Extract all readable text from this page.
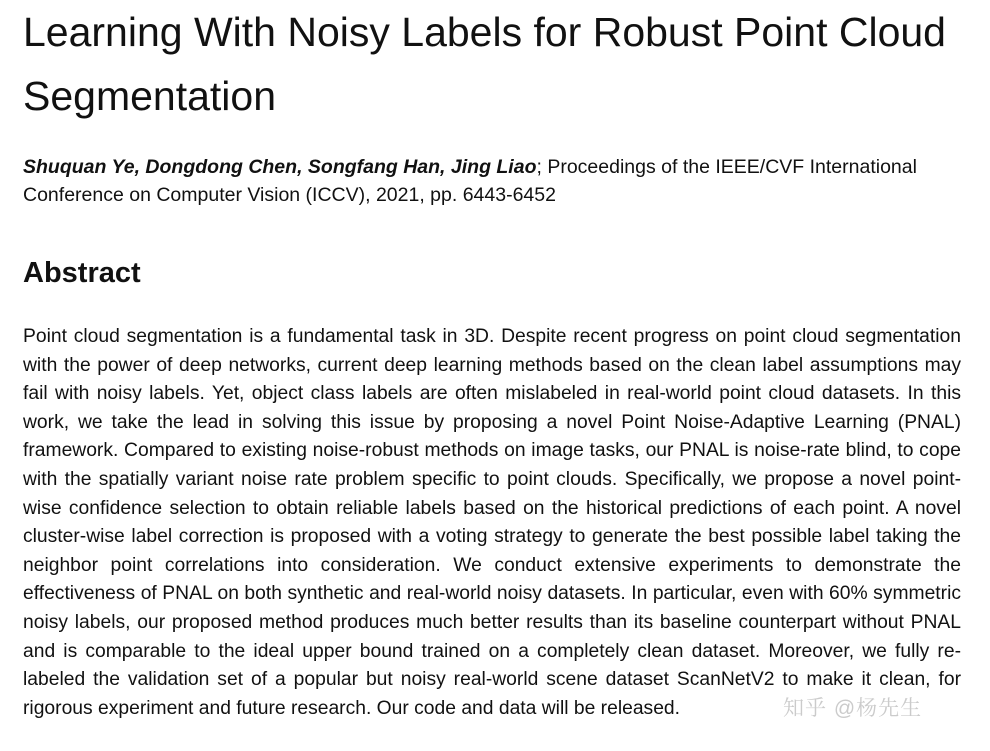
Learning With Noisy Labels for Robust Point Cloud Segmentation

Shuquan Ye, Dongdong Chen, Songfang Han, Jing Liao; Proceedings of the IEEE/CVF International Conference on Computer Vision (ICCV), 2021, pp. 6443-6452

Abstract

Point cloud segmentation is a fundamental task in 3D. Despite recent progress on point cloud segmentation with the power of deep networks, current deep learning methods based on the clean label assumptions may fail with noisy labels. Yet, object class labels are often mislabeled in real-world point cloud datasets. In this work, we take the lead in solving this issue by proposing a novel Point Noise-Adaptive Learning (PNAL) framework. Compared to existing noise-robust methods on image tasks, our PNAL is noise-rate blind, to cope with the spatially variant noise rate problem specific to point clouds. Specifically, we propose a novel point-wise confidence selection to obtain reliable labels based on the historical predictions of each point. A novel cluster-wise label correction is proposed with a voting strategy to generate the best possible label taking the neighbor point correlations into consideration. We conduct extensive experiments to demonstrate the effectiveness of PNAL on both synthetic and real-world noisy datasets. In particular, even with 60% symmetric noisy labels, our proposed method produces much better results than its baseline counterpart without PNAL and is comparable to the ideal upper bound trained on a completely clean dataset. Moreover, we fully re-labeled the validation set of a popular but noisy real-world scene dataset ScanNetV2 to make it clean, for rigorous experiment and future research. Our code and data will be released.	知乎 @杨先生
